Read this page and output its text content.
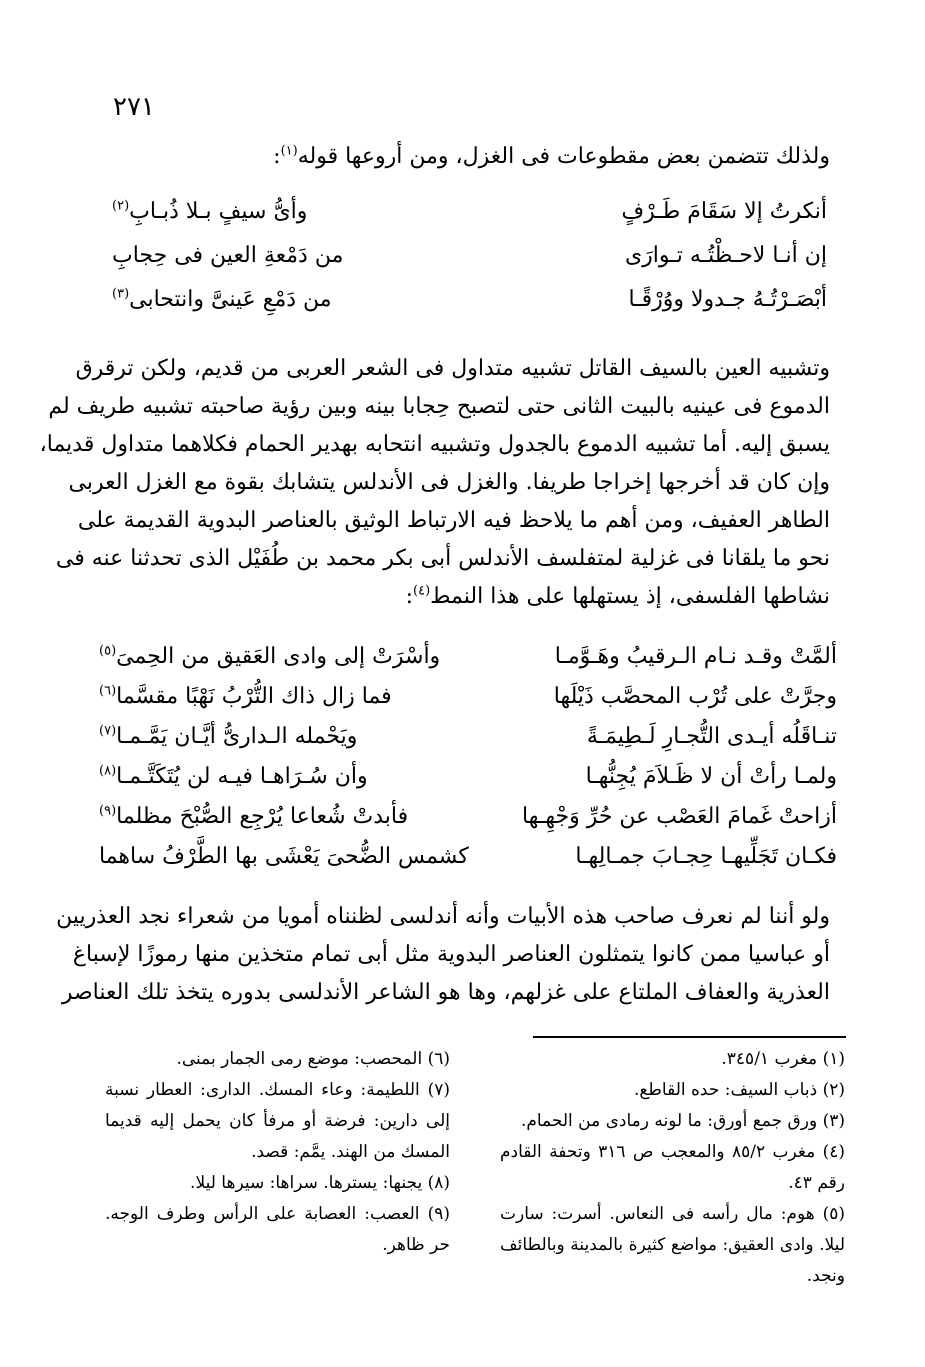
٢٧١
ولذلك تتضمن بعض مقطوعات فى الغزل، ومن أروعها قوله$^{(١)}$:
أنكرتُ إلا سَقَامَ طَـرْفٍ
وأىُّ سيفٍ بـلا ذُبـابِ$^{(٢)}$
إن أنـا لاحـظْتُـه تـوارَى
من دَمْعةِ العين فى حِجابِ
أبْصَـرْتُـهُ جـدولا ووُرْقًـا
من دَمْعِ عَينىَّ وانتحابى$^{(٣)}$
وتشبيه العين بالسيف القاتل تشبيه متداول فى الشعر العربى من قديم، ولكن ترقرق
الدموع فى عينيه بالبيت الثانى حتى لتصبح حِجابا بينه وبين رؤية صاحبته تشبيه طريف لم
يسبق إليه. أما تشبيه الدموع بالجدول وتشبيه انتحابه بهدير الحمام فكلاهما متداول قديما،
وإن كان قد أخرجها إخراجا طريفا. والغزل فى الأندلس يتشابك بقوة مع الغزل العربى
الطاهر العفيف، ومن أهم ما يلاحظ فيه الارتباط الوثيق بالعناصر البدوية القديمة على
نحو ما يلقانا فى غزلية لمتفلسف الأندلس أبى بكر محمد بن طُفَيْل الذى تحدثنا عنه فى
نشاطها الفلسفى، إذ يستهلها على هذا النمط$^{(٤)}$:
ألمَّتْ وقـد نـام الـرقيبُ وهَـوَّمـا
وأسْرَتْ إلى وادى العَقيق من الحِمىَ$^{(٥)}$
وجرَّتْ على تُرْب المحصَّب ذَيْلَها
فما زال ذاك التُّرْبُ نَهْبًا مقسَّما$^{(٦)}$
تنـاقَلُه أيـدى التُّجـارِ لَـطِيمَـةً
ويَحْمله الـدارىُّ أيَّـان يَمَّـمـا$^{(٧)}$
ولمـا رأتْ أن لا ظَـلاَمَ يُجِنُّهـا
وأن سُـرَاهـا فيـه لن يُتَكَتَّـمـا$^{(٨)}$
أزاحتْ غَمامَ العَصْب عن حُرِّ وَجْهِـها
فأبدتْ شُعاعا يُرْجِع الصُّبْحَ مظلما$^{(٩)}$
فكـان تَجَلِّيهـا حِجـابَ جمـالِهـا
كشمس الضُّحىَ يَعْشَى بها الطَّرْفُ ساهما
ولو أننا لم نعرف صاحب هذه الأبيات وأنه أندلسى لظنناه أمويا من شعراء نجد العذريين
أو عباسيا ممن كانوا يتمثلون العناصر البدوية مثل أبى تمام متخذين منها رموزًا لإسباغ
العذرية والعفاف الملتاع على غزلهم، وها هو الشاعر الأندلسى بدوره يتخذ تلك العناصر
(١) مغرب ٣٤٥/١.
(٢) ذباب السيف: حده القاطع.
(٣) ورق جمع أورق: ما لونه رمادى من الحمام.
(٤) مغرب ٨٥/٢ والمعجب ص ٣١٦ وتحفة القادم
رقم ٤٣.
(٥) هوم: مال رأسه فى النعاس. أسرت: سارت
ليلا. وادى العقيق: مواضع كثيرة بالمدينة وبالطائف
ونجد.
(٦) المحصب: موضع رمى الجمار بمنى.
(٧) اللطيمة: وعاء المسك. الدارى: العطار نسبة
إلى دارين: فرضة أو مرفأ كان يحمل إليه قديما
المسك من الهند. يمَّم: قصد.
(٨) يجنها: يسترها. سراها: سيرها ليلا.
(٩) العصب: العصابة على الرأس وطرف الوجه.
حر ظاهر.
